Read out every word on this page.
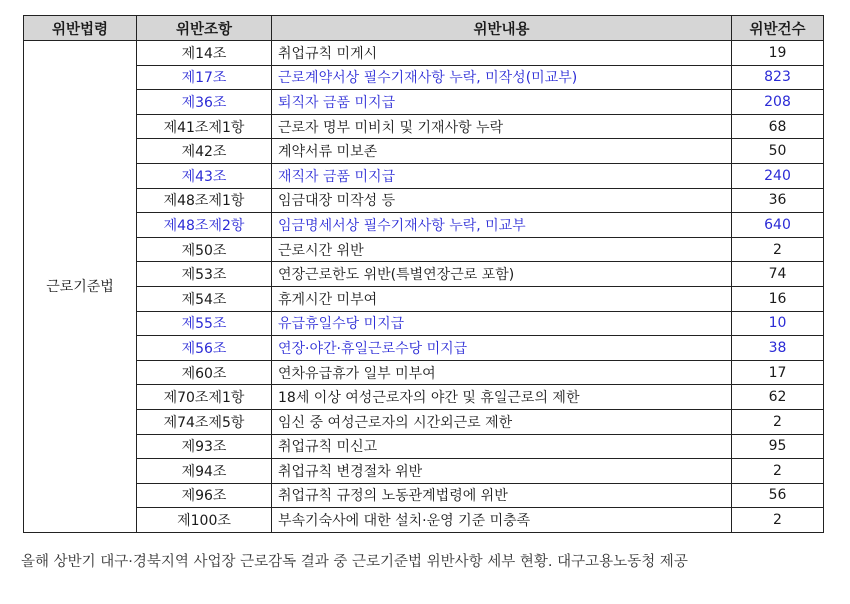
위반법령	위반조항	위반내용	위반건수
근로기준법	제14조	취업규칙 미게시	19
	제17조	근로계약서상 필수기재사항 누락, 미작성(미교부)	823
	제36조	퇴직자 금품 미지급	208
	제41조제1항	근로자 명부 미비치 및 기재사항 누락	68
	제42조	계약서류 미보존	50
	제43조	재직자 금품 미지급	240
	제48조제1항	임금대장 미작성 등	36
	제48조제2항	임금명세서상 필수기재사항 누락, 미교부	640
	제50조	근로시간 위반	2
	제53조	연장근로한도 위반(특별연장근로 포함)	74
	제54조	휴게시간 미부여	16
	제55조	유급휴일수당 미지급	10
	제56조	연장·야간·휴일근로수당 미지급	38
	제60조	연차유급휴가 일부 미부여	17
	제70조제1항	18세 이상 여성근로자의 야간 및 휴일근로의 제한	62
	제74조제5항	임신 중 여성근로자의 시간외근로 제한	2
	제93조	취업규칙 미신고	95
	제94조	취업규칙 변경절차 위반	2
	제96조	취업규칙 규정의 노동관계법령에 위반	56
	제100조	부속기숙사에 대한 설치·운영 기준 미충족	2
올해 상반기 대구·경북지역 사업장 근로감독 결과 중 근로기준법 위반사항 세부 현황. 대구고용노동청 제공
